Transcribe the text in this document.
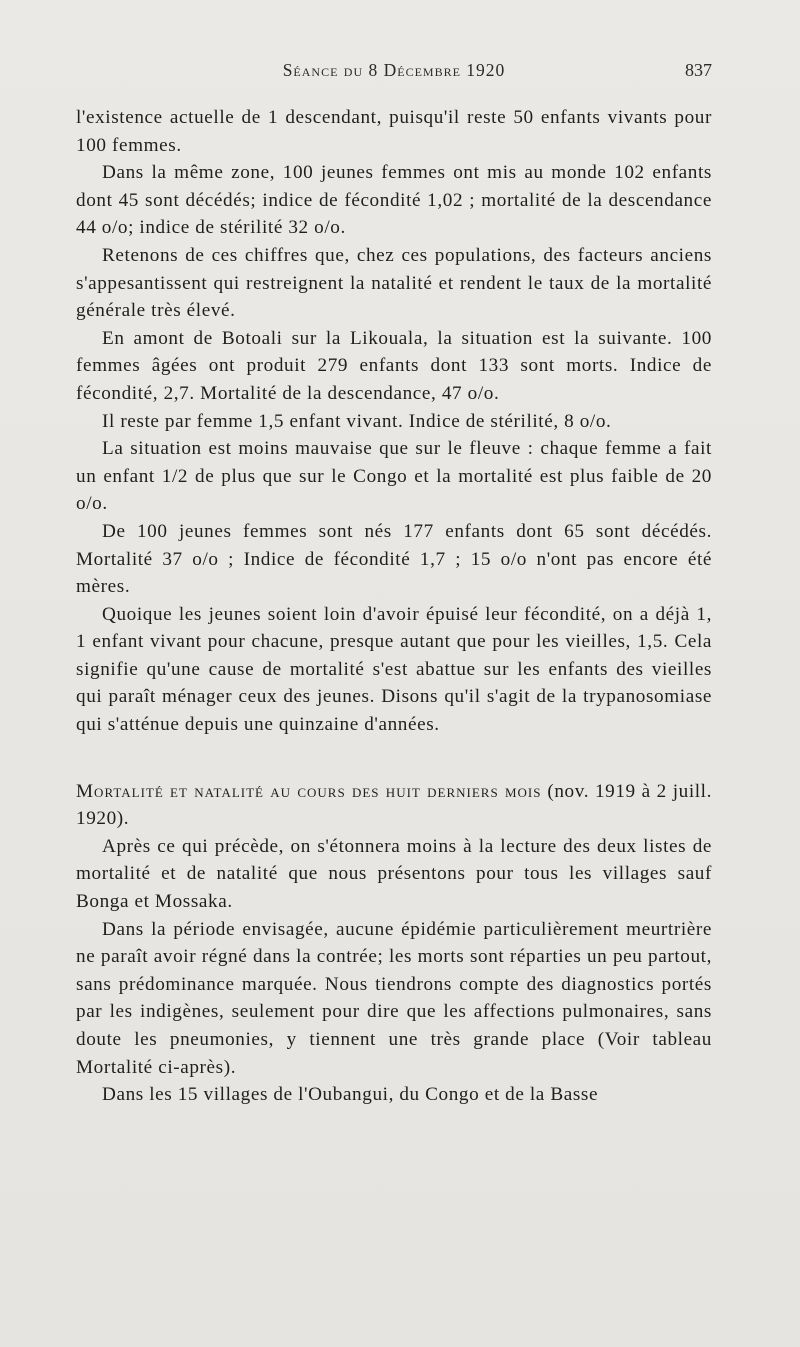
Séance du 8 Décembre 1920	837

l'existence actuelle de 1 descendant, puisqu'il reste 50 enfants vivants pour 100 femmes.

Dans la même zone, 100 jeunes femmes ont mis au monde 102 enfants dont 45 sont décédés; indice de fécondité 1,02 ; mortalité de la descendance 44 o/o; indice de stérilité 32 o/o.

Retenons de ces chiffres que, chez ces populations, des facteurs anciens s'appesantissent qui restreignent la natalité et rendent le taux de la mortalité générale très élevé.

En amont de Botoali sur la Likouala, la situation est la suivante. 100 femmes âgées ont produit 279 enfants dont 133 sont morts. Indice de fécondité, 2,7. Mortalité de la descendance, 47 o/o.

Il reste par femme 1,5 enfant vivant. Indice de stérilité, 8 o/o.

La situation est moins mauvaise que sur le fleuve : chaque femme a fait un enfant 1/2 de plus que sur le Congo et la mortalité est plus faible de 20 o/o.

De 100 jeunes femmes sont nés 177 enfants dont 65 sont décédés. Mortalité 37 o/o ; Indice de fécondité 1,7 ; 15 o/o n'ont pas encore été mères.

Quoique les jeunes soient loin d'avoir épuisé leur fécondité, on a déjà 1, 1 enfant vivant pour chacune, presque autant que pour les vieilles, 1,5. Cela signifie qu'une cause de mortalité s'est abattue sur les enfants des vieilles qui paraît ménager ceux des jeunes. Disons qu'il s'agit de la trypanosomiase qui s'atténue depuis une quinzaine d'années.

Mortalité et natalité au cours des huit derniers mois (nov. 1919 à 2 juill. 1920).

Après ce qui précède, on s'étonnera moins à la lecture des deux listes de mortalité et de natalité que nous présentons pour tous les villages sauf Bonga et Mossaka.

Dans la période envisagée, aucune épidémie particulièrement meurtrière ne paraît avoir régné dans la contrée; les morts sont réparties un peu partout, sans prédominance marquée. Nous tiendrons compte des diagnostics portés par les indigènes, seulement pour dire que les affections pulmonaires, sans doute les pneumonies, y tiennent une très grande place (Voir tableau Mortalité ci-après).

Dans les 15 villages de l'Oubangui, du Congo et de la Basse
